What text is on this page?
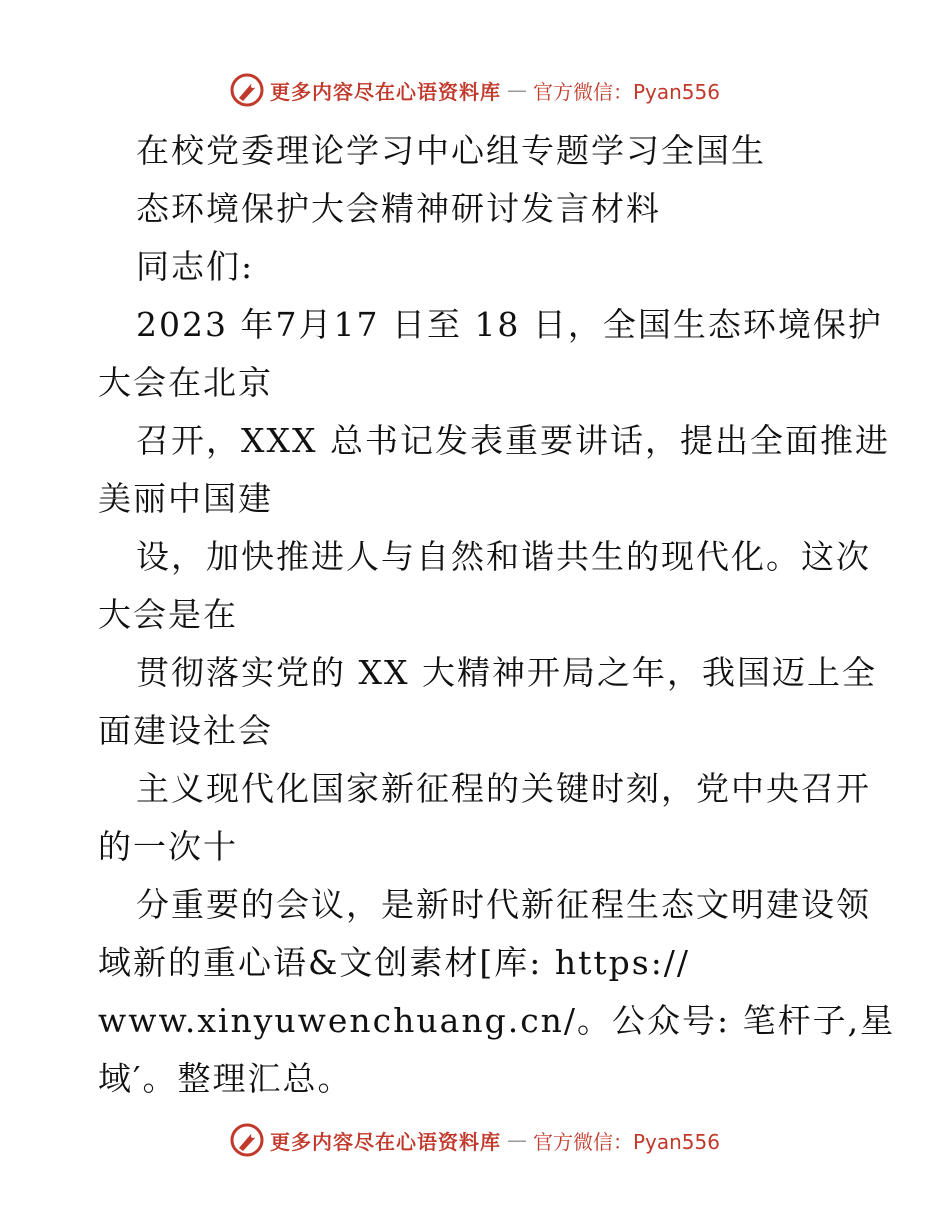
更多内容尽在心语资料库 — 官方微信：Pyan556
在校党委理论学习中心组专题学习全国生
态环境保护大会精神研讨发言材料
同志们:
2023 年7月17 日至 18 日，全国生态环境保护
大会在北京
召开，XXX 总书记发表重要讲话，提出全面推进
美丽中国建
设，加快推进人与自然和谐共生的现代化。这次
大会是在
贯彻落实党的 XX 大精神开局之年，我国迈上全
面建设社会
主义现代化国家新征程的关键时刻，党中央召开
的一次十
分重要的会议，是新时代新征程生态文明建设领
域新的重心语&文创素材[库: https://
www.xinyuwenchuang.cn/。公众号: 笔杆子,星
域′。整理汇总。
更多内容尽在心语资料库 — 官方微信：Pyan556
